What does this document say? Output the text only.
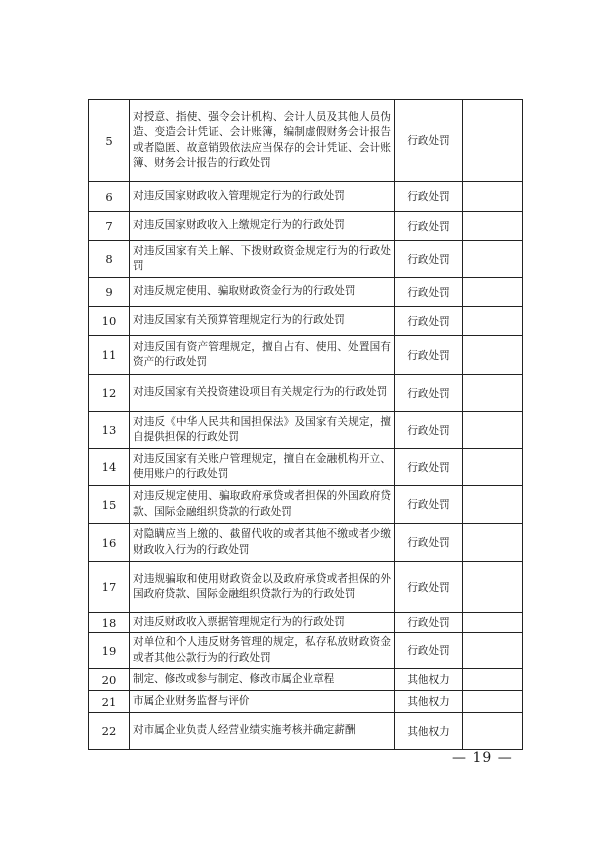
5	对授意、指使、强令会计机构、会计人员及其他人员伪造、变造会计凭证、会计账簿，编制虚假财务会计报告或者隐匿、故意销毁依法应当保存的会计凭证、会计账簿、财务会计报告的行政处罚	行政处罚	
6	对违反国家财政收入管理规定行为的行政处罚	行政处罚	
7	对违反国家财政收入上缴规定行为的行政处罚	行政处罚	
8	对违反国家有关上解、下拨财政资金规定行为的行政处罚	行政处罚	
9	对违反规定使用、骗取财政资金行为的行政处罚	行政处罚	
10	对违反国家有关预算管理规定行为的行政处罚	行政处罚	
11	对违反国有资产管理规定，擅自占有、使用、处置国有资产的行政处罚	行政处罚	
12	对违反国家有关投资建设项目有关规定行为的行政处罚	行政处罚	
13	对违反《中华人民共和国担保法》及国家有关规定，擅自提供担保的行政处罚	行政处罚	
14	对违反国家有关账户管理规定，擅自在金融机构开立、使用账户的行政处罚	行政处罚	
15	对违反规定使用、骗取政府承贷或者担保的外国政府贷款、国际金融组织贷款的行政处罚	行政处罚	
16	对隐瞒应当上缴的、截留代收的或者其他不缴或者少缴财政收入行为的行政处罚	行政处罚	
17	对违规骗取和使用财政资金以及政府承贷或者担保的外国政府贷款、国际金融组织贷款行为的行政处罚	行政处罚	
18	对违反财政收入票据管理规定行为的行政处罚	行政处罚	
19	对单位和个人违反财务管理的规定，私存私放财政资金或者其他公款行为的行政处罚	行政处罚	
20	制定、修改或参与制定、修改市属企业章程	其他权力	
21	市属企业财务监督与评价	其他权力	
22	对市属企业负责人经营业绩实施考核并确定薪酬	其他权力	
— 19 —
